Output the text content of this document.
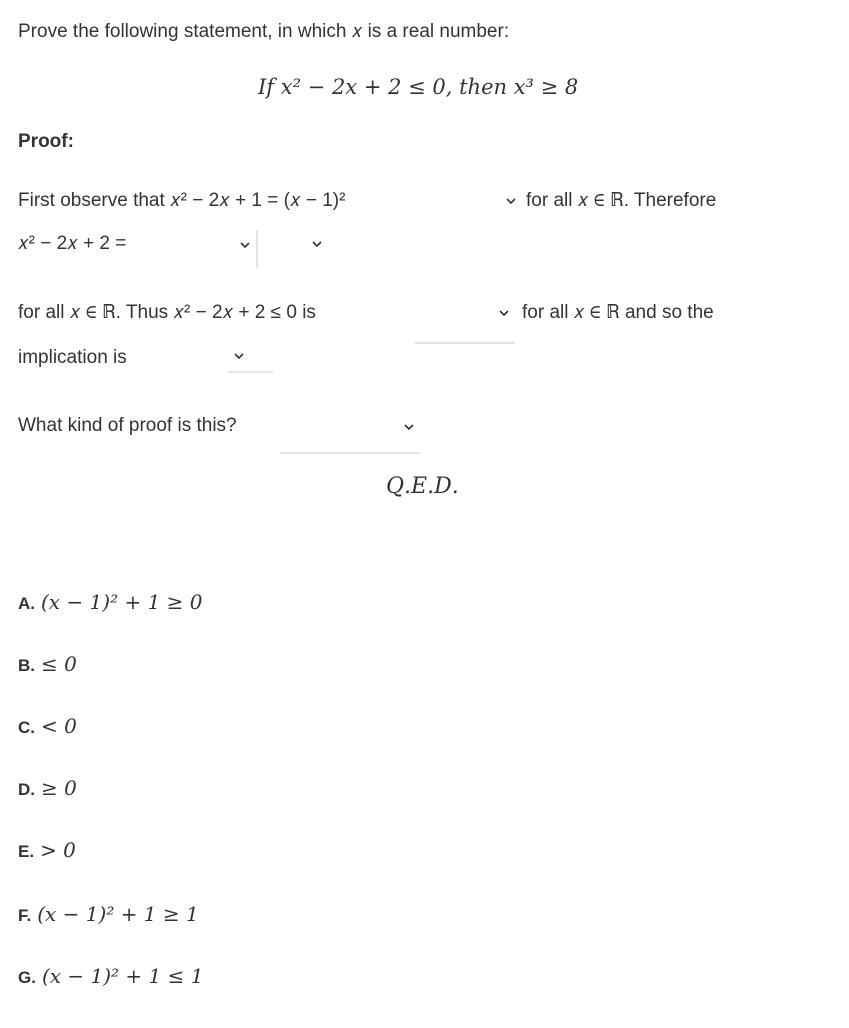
Prove the following statement, in which 𝑥 is a real number:
If 𝑥² − 2𝑥 + 2 ≤ 0, then 𝑥³ ≥ 8
Proof:
First observe that 𝑥² − 2𝑥 + 1 = (𝑥 − 1)²	for all 𝑥 ∈ ℝ. Therefore
𝑥² − 2𝑥 + 2 =
for all 𝑥 ∈ ℝ. Thus 𝑥² − 2𝑥 + 2 ≤ 0 is	for all 𝑥 ∈ ℝ and so the
implication is
What kind of proof is this?
𝑄.𝐸.𝐷.
A. (𝑥 − 1)² + 1 ≥ 0
B. ≤ 0
C. < 0
D. ≥ 0
E. > 0
F. (𝑥 − 1)² + 1 ≥ 1
G. (𝑥 − 1)² + 1 ≤ 1
